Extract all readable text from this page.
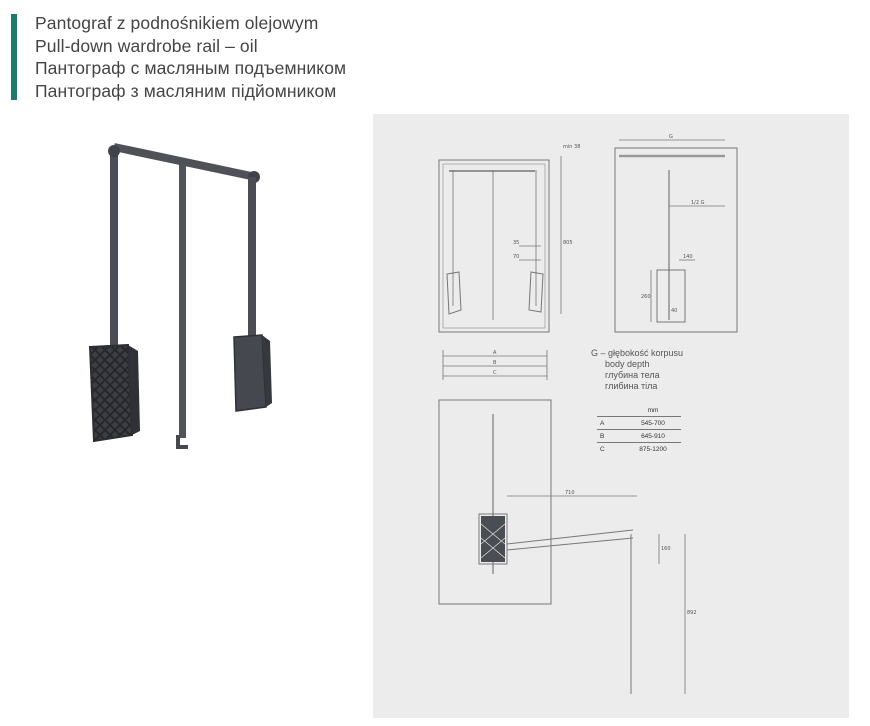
Pantograf z podnośnikiem olejowym
Pull-down wardrobe rail – oil
Пантограф с масляным подъемником
Пантограф з масляним підйомником
min 38
805
35
70
A
B
C
G
1/2 G
140
260
40
710
160
892
G – głębokość korpusu
body depth
глубина тела
глибина тіла
	mm
A	545-700
B	645-910
C	875-1200
